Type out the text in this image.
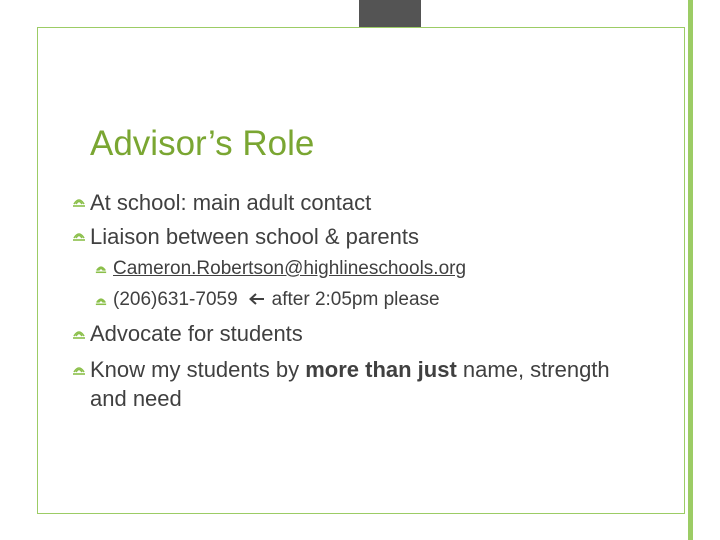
Advisor’s Role
At school: main adult contact
Liaison between school & parents
Cameron.Robertson@highlineschools.org
(206)631-7059 after 2:05pm please
Advocate for students
Know my students by more than just name, strength
and need
